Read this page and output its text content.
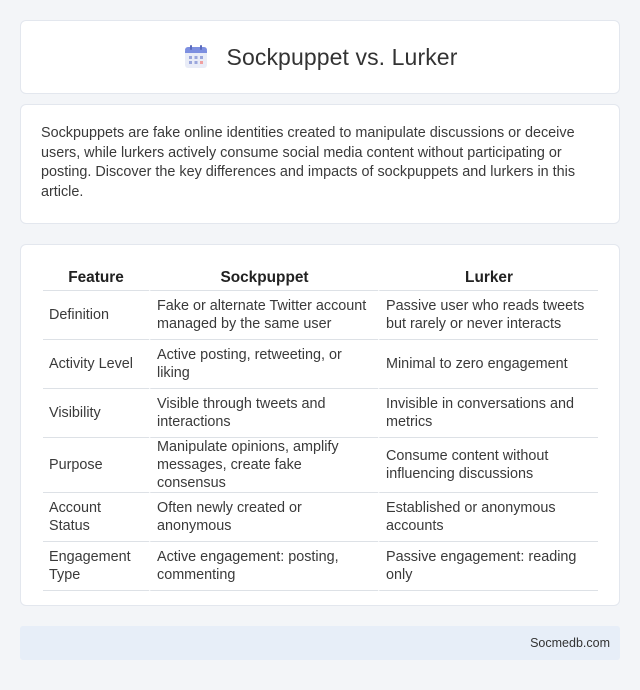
Sockpuppet vs. Lurker

Sockpuppets are fake online identities created to manipulate discussions or deceive users, while lurkers actively consume social media content without participating or posting. Discover the key differences and impacts of sockpuppets and lurkers in this article.

Feature	Sockpuppet	Lurker
Definition	Fake or alternate Twitter account managed by the same user	Passive user who reads tweets but rarely or never interacts
Activity Level	Active posting, retweeting, or liking	Minimal to zero engagement
Visibility	Visible through tweets and interactions	Invisible in conversations and metrics
Purpose	Manipulate opinions, amplify messages, create fake consensus	Consume content without influencing discussions
Account Status	Often newly created or anonymous	Established or anonymous accounts
Engagement Type	Active engagement: posting, commenting	Passive engagement: reading only
Socmedb.com
